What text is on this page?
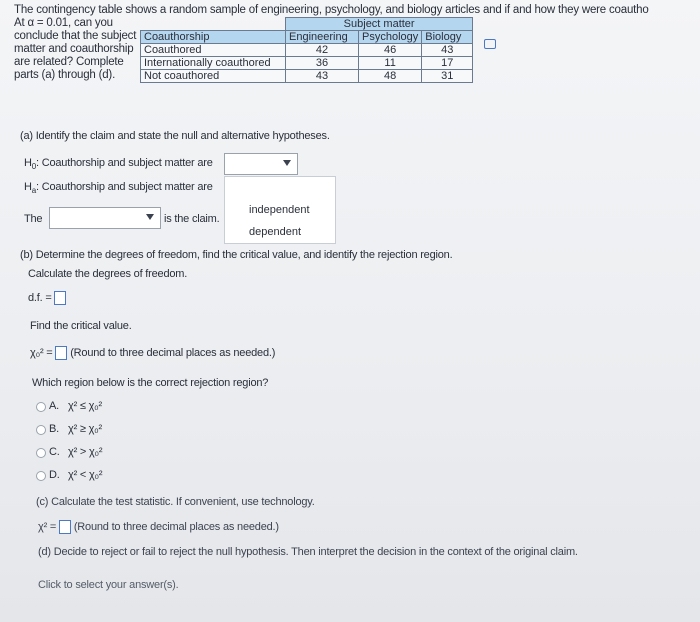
The contingency table shows a random sample of engineering, psychology, and biology articles and if and how they were coautho
At α = 0.01, can you
conclude that the subject
matter and coauthorship
are related? Complete
parts (a) through (d).
	Subject matter		
Coauthorship	Engineering	Psychology	Biology
Coauthored	42	46	43
Internationally coauthored	36	11	17
Not coauthored	43	48	31
(a) Identify the claim and state the null and alternative hypotheses.
$H_0$: Coauthorship and subject matter are
$H_a$: Coauthorship and subject matter are
independent
dependent
The	is the claim.
(b) Determine the degrees of freedom, find the critical value, and identify the rejection region.
Calculate the degrees of freedom.
d.f. =
Find the critical value.
χ₀² = (Round to three decimal places as needed.)
Which region below is the correct rejection region?
A. χ² ≤ χ₀²
B. χ² ≥ χ₀²
C. χ² > χ₀²
D. χ² < χ₀²
(c) Calculate the test statistic. If convenient, use technology.
χ² = (Round to three decimal places as needed.)
(d) Decide to reject or fail to reject the null hypothesis. Then interpret the decision in the context of the original claim.
Click to select your answer(s).
